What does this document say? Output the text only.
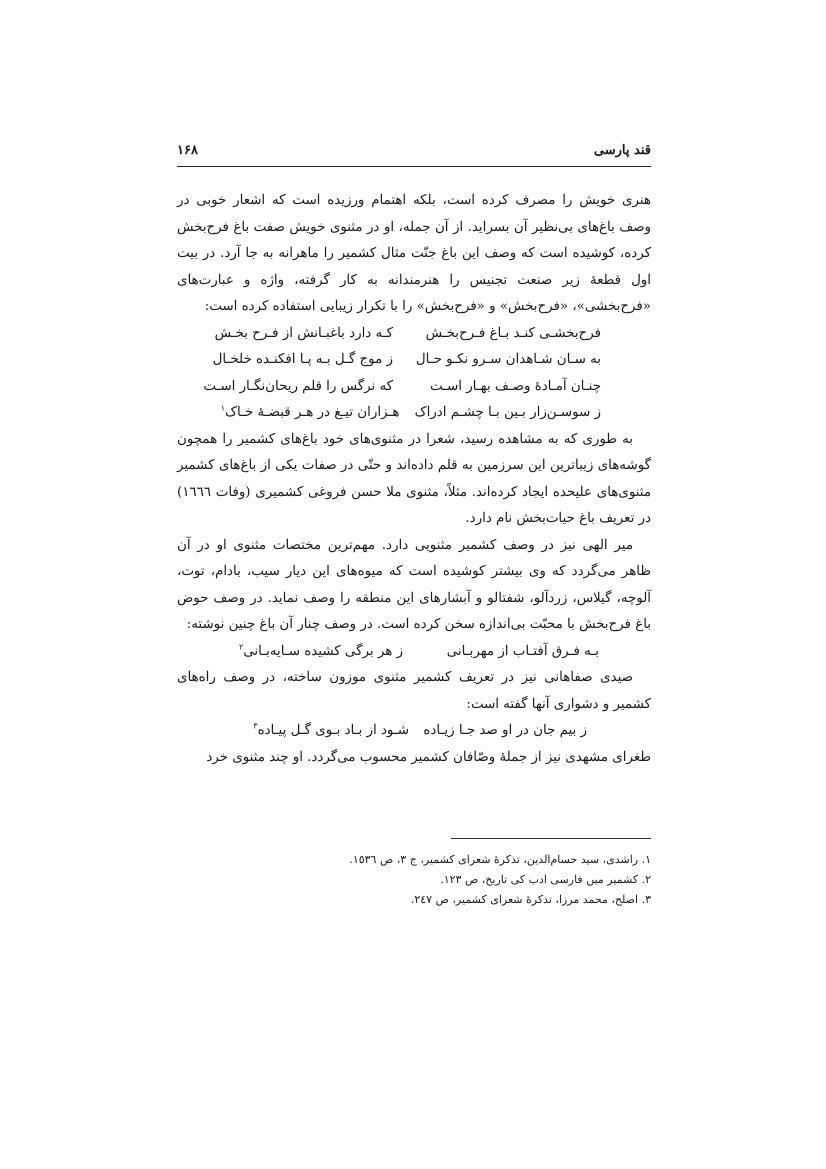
قند پارسی
۱۶۸

هنری خویش را مصرف کرده است، بلکه اهتمام ورزیده است که اشعار خوبی در وصف باغ‌های بی‌نظیر آن بسراید. از آن جمله، او در مثنوی خویش صفت باغ فرح‌بخش کرده، کوشیده است که وصف این باغ جنّت مثال کشمیر را ماهرانه به جا آرد. در بیت اول قطعهٔ زیر صنعت تجنیس را هنرمندانه به کار گرفته، واژه و عبارت‌های «فرح‌بخشی»، «فرح‌بخش» و «فرح‌بخش» را با تکرار زیبایی استفاده کرده است:

فرح‌بخشـی کنـد بـاغ فـرح‌بخـش
کـه دارد باغبـانش از فـرح بخـش
به سـان شـاهدان سـرو نکـو حـال
ز موج گـل بـه پـا افکنـده خلخـال
چنـان آمـادهٔ وصـف بهـار اسـت
که نرگس را قلم ریحان‌نگـار اسـت
ز سوسـن‌زار بـین بـا چشـم ادراک
هـزاران تیـغ در هـر قبضـهٔ خـاک$^١$

به طوری که به مشاهده رسید، شعرا در مثنوی‌های خود باغ‌های کشمیر را همچون گوشه‌های زیباترین این سرزمین به قلم داده‌اند و حتّی در صفات یکی از باغ‌های کشمیر مثنوی‌های علیحده ایجاد کرده‌اند. مثلاً، مثنوی ملا حسن فروغی کشمیری (وفات ١٦٦٦) در تعریف باغ حیات‌بخش نام دارد.

میر الهی نیز در وصف کشمیر مثنویی دارد. مهم‌ترین مختصات مثنوی او در آن ظاهر می‌گردد که وی بیشتر کوشیده است که میوه‌های این دیار سیب، بادام، توت، آلوچه، گیلاس، زردآلو، شفتالو و آبشارهای این منطقه را وصف نماید. در وصف حوض باغ فرح‌بخش با محبّت بی‌اندازه سخن کرده است. در وصف چنار آن باغ چنین نوشته:

بـه فـرق آفتـاب از مهربـانی
ز هر برگی کشیده سـایه‌بـانی$^٢$

صیدی صفاهانی نیز در تعریف کشمیر مثنوی موزون ساخته، در وصف راه‌های کشمیر و دشواری آنها گفته است:

ز بیم جان در او صد جـا زیـاده
شـود از بـاد بـوی گـل پیـاده$^٣$

طغرای مشهدی نیز از جملهٔ وصّافان کشمیر محسوب می‌گردد. او چند مثنوی خرد

١. راشدی، سید حسام‌الدین، تذکرهٔ شعرای کشمیر، ج ٣، ص ١٥٣٦.
٢. کشمیر میں فارسی ادب کی تاریخ، ص ١٢٣.
٣. اصلح، محمد مرزا، تذکرهٔ شعرای کشمیر، ص ٢٤٧.
